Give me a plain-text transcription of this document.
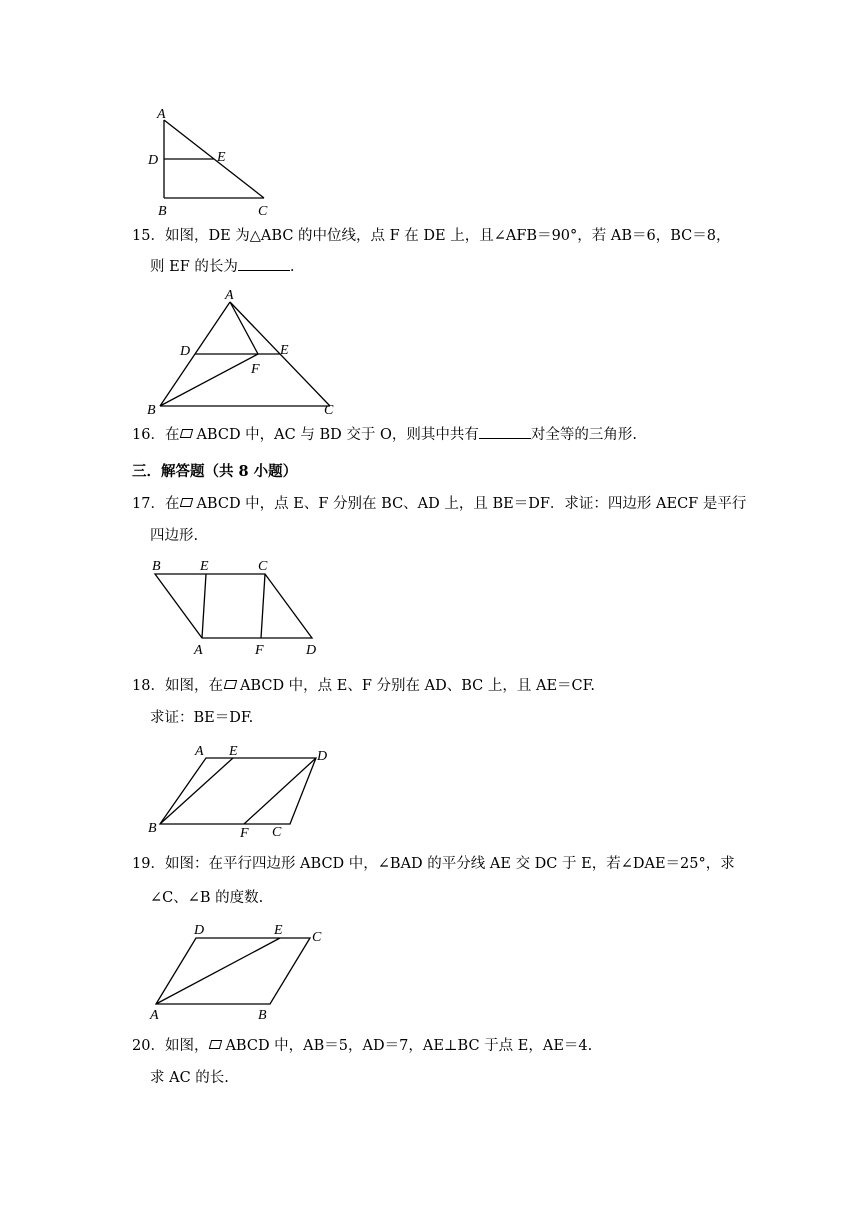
A
D	E
B	C
15．如图，DE 为△ABC 的中位线，点 F 在 DE 上，且∠AFB＝90°，若 AB＝6，BC＝8，
则 EF 的长为	.
A
D	E
F
B	C
16．在 ABCD 中，AC 与 BD 交于 O，则其中共有	对全等的三角形.
三．解答题（共 8 小题）
17．在 ABCD 中，点 E、F 分别在 BC、AD 上，且 BE＝DF．求证：四边形 AECF 是平行
四边形.
B	E	C
A	F	D
18．如图，在 ABCD 中，点 E、F 分别在 AD、BC 上，且 AE＝CF.
求证：BE＝DF.
A E	D
B	F C
19．如图：在平行四边形 ABCD 中，∠BAD 的平分线 AE 交 DC 于 E，若∠DAE＝25°，求
∠C、∠B 的度数.
D	E C
A	B
20．如图， ABCD 中，AB＝5，AD＝7，AE⊥BC 于点 E，AE＝4.
求 AC 的长.
